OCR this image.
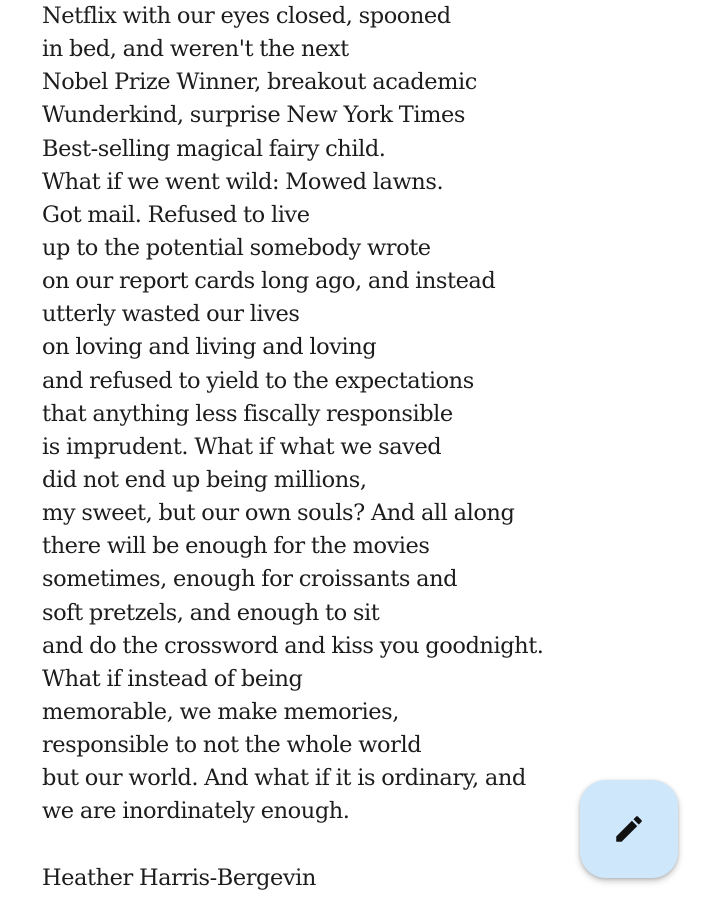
Netflix with our eyes closed, spooned
in bed, and weren't the next
Nobel Prize Winner, breakout academic
Wunderkind, surprise New York Times
Best-selling magical fairy child.
What if we went wild: Mowed lawns.
Got mail. Refused to live
up to the potential somebody wrote
on our report cards long ago, and instead
utterly wasted our lives
on loving and living and loving
and refused to yield to the expectations
that anything less fiscally responsible
is imprudent. What if what we saved
did not end up being millions,
my sweet, but our own souls? And all along
there will be enough for the movies
sometimes, enough for croissants and
soft pretzels, and enough to sit
and do the crossword and kiss you goodnight.
What if instead of being
memorable, we make memories,
responsible to not the whole world
but our world. And what if it is ordinary, and
we are inordinately enough.
Heather Harris-Bergevin
